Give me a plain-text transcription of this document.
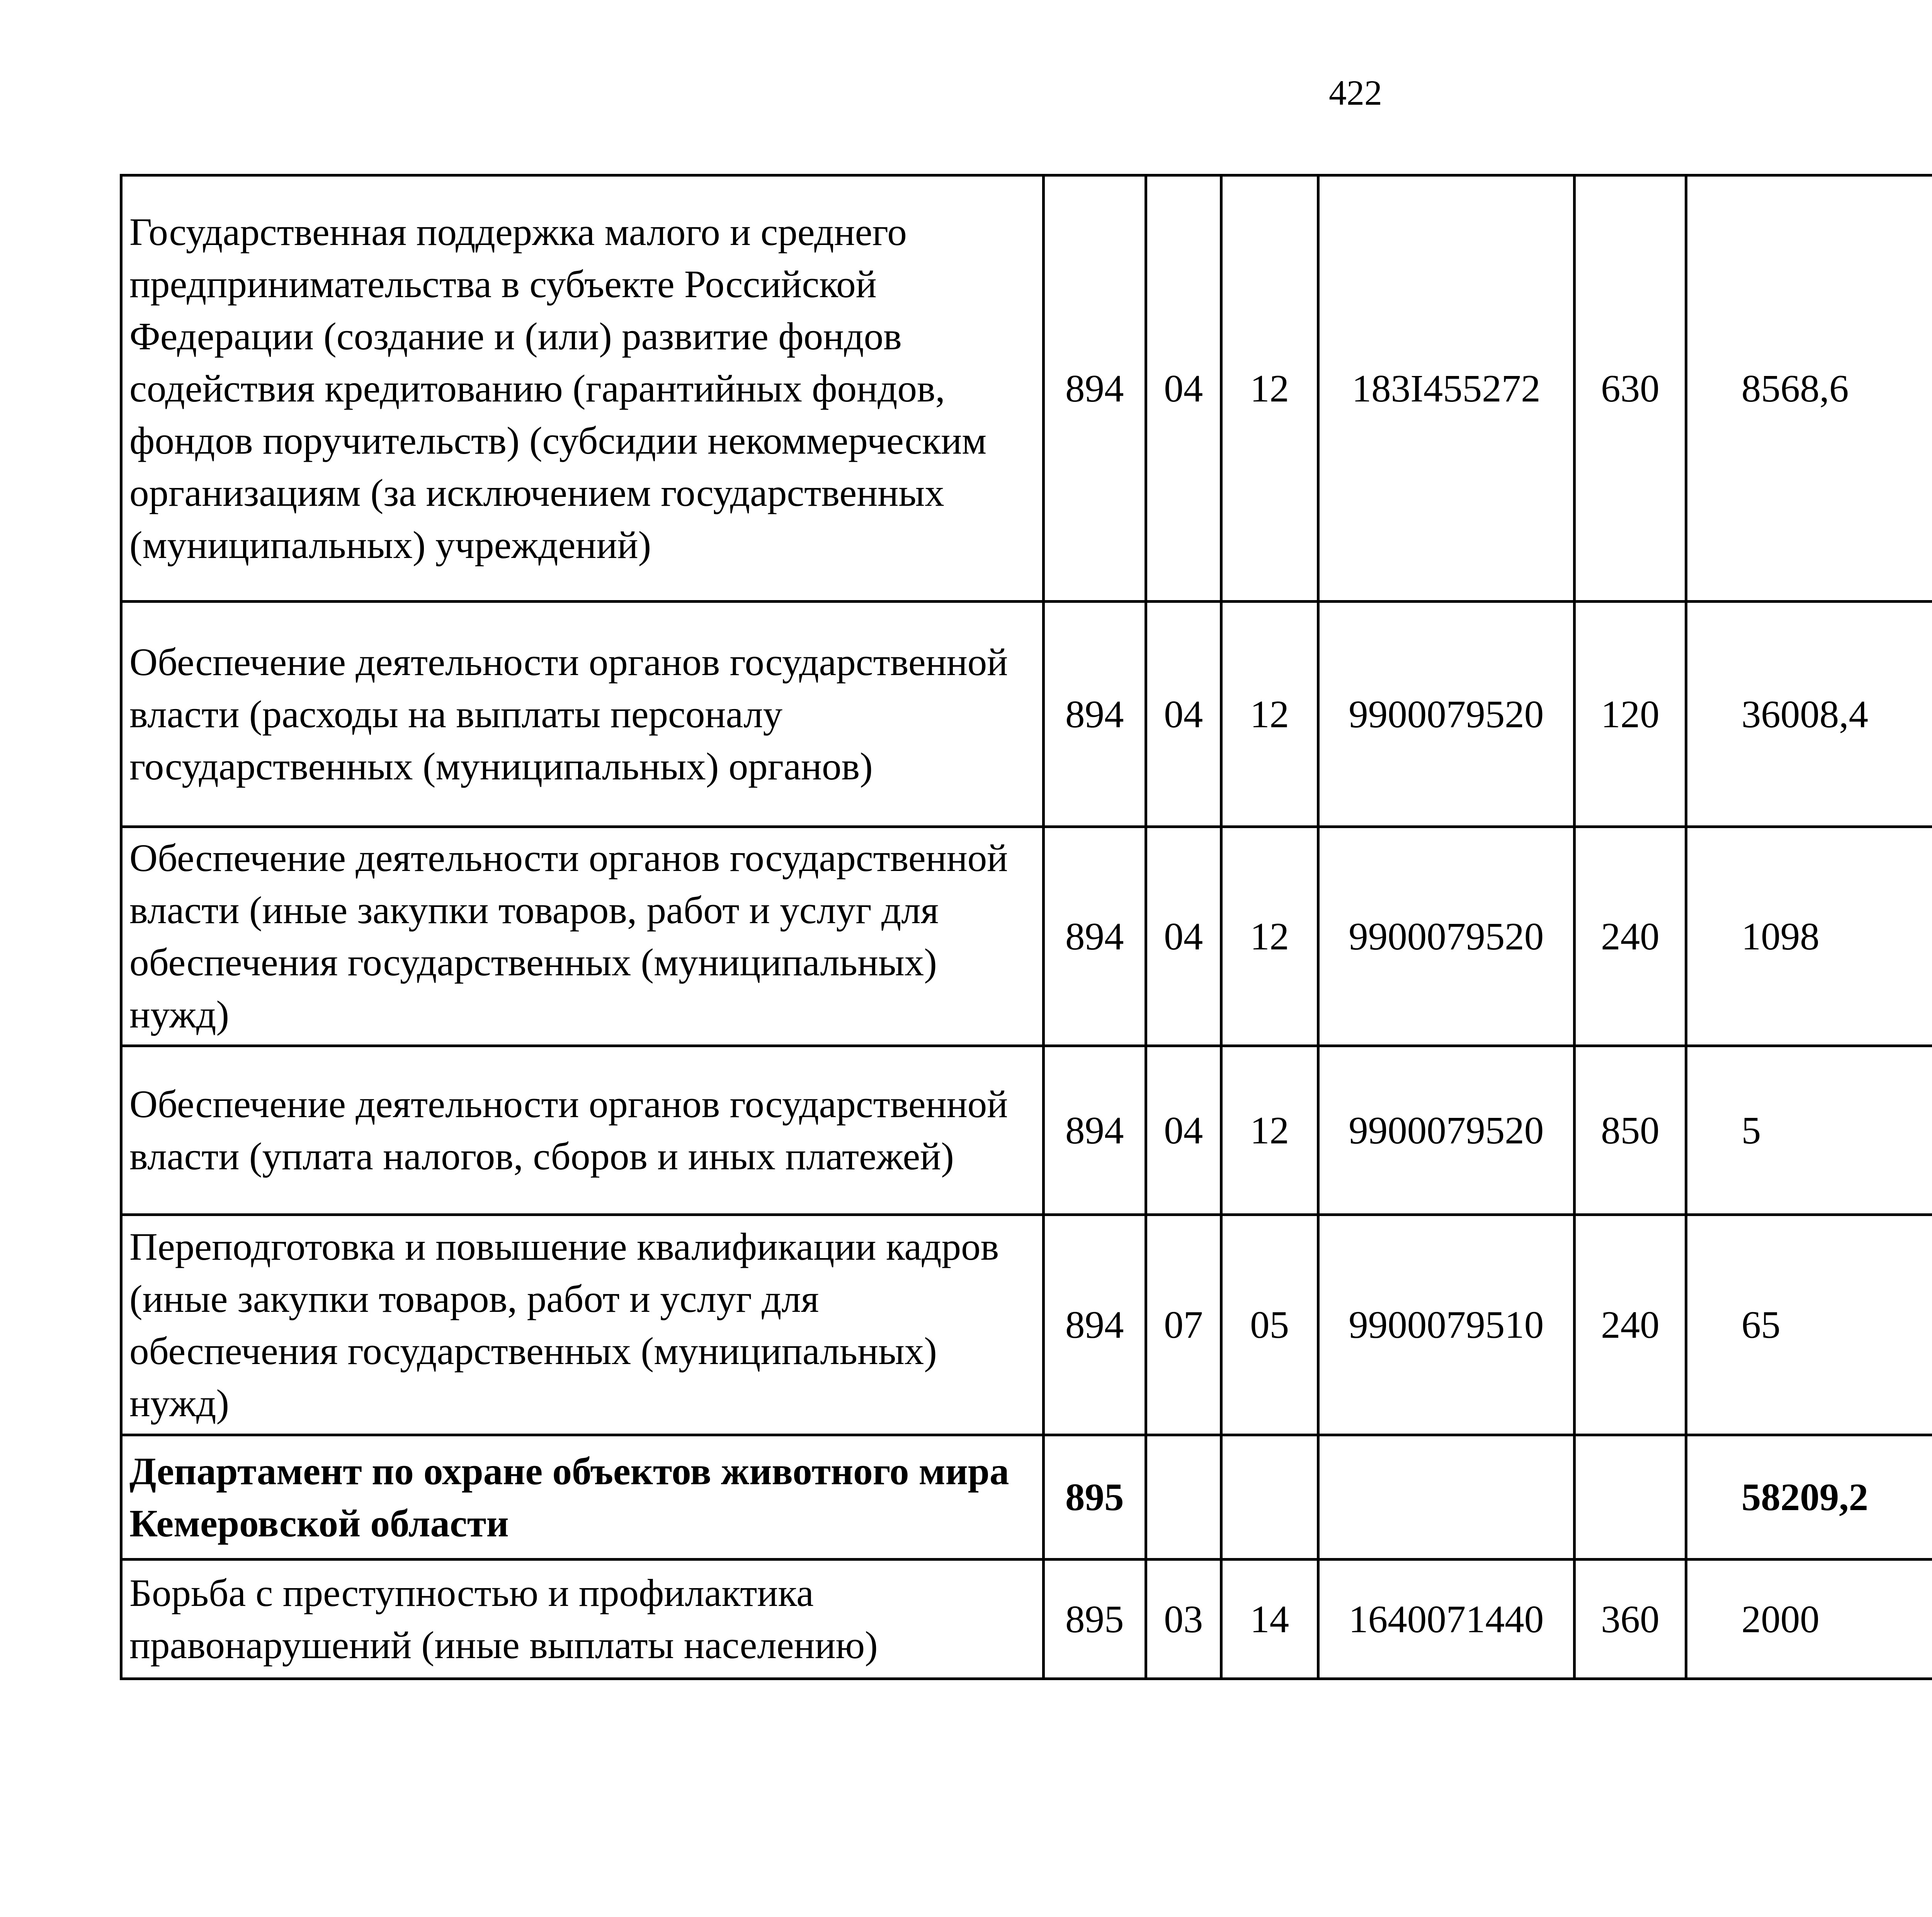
422
Государственная поддержка малого и среднего предпринимательства в субъекте Российской Федерации (создание и (или) развитие фондов содействия кредитованию (гарантийных фондов, фондов поручительств) (субсидии некоммерческим организациям (за исключением государственных (муниципальных) учреждений)	894	04	12	183I455272	630	8568,6		
Обеспечение деятельности органов государственной власти (расходы на выплаты персоналу государственных (муниципальных) органов)	894	04	12	9900079520	120	36008,4		
Обеспечение деятельности органов государственной власти (иные закупки товаров, работ и услуг для обеспечения государственных (муниципальных) нужд)	894	04	12	9900079520	240	1098		
Обеспечение деятельности органов государственной власти (уплата налогов, сборов и иных платежей)	894	04	12	9900079520	850	5		
Переподготовка и повышение квалификации кадров (иные закупки товаров, работ и услуг для обеспечения государственных (муниципальных) нужд)	894	07	05	9900079510	240	65		
Департамент по охране объектов животного мира Кемеровской области	895					58209,2		
Борьба с преступностью и профилактика правонарушений (иные выплаты населению)	895	03	14	1640071440	360	2000		
